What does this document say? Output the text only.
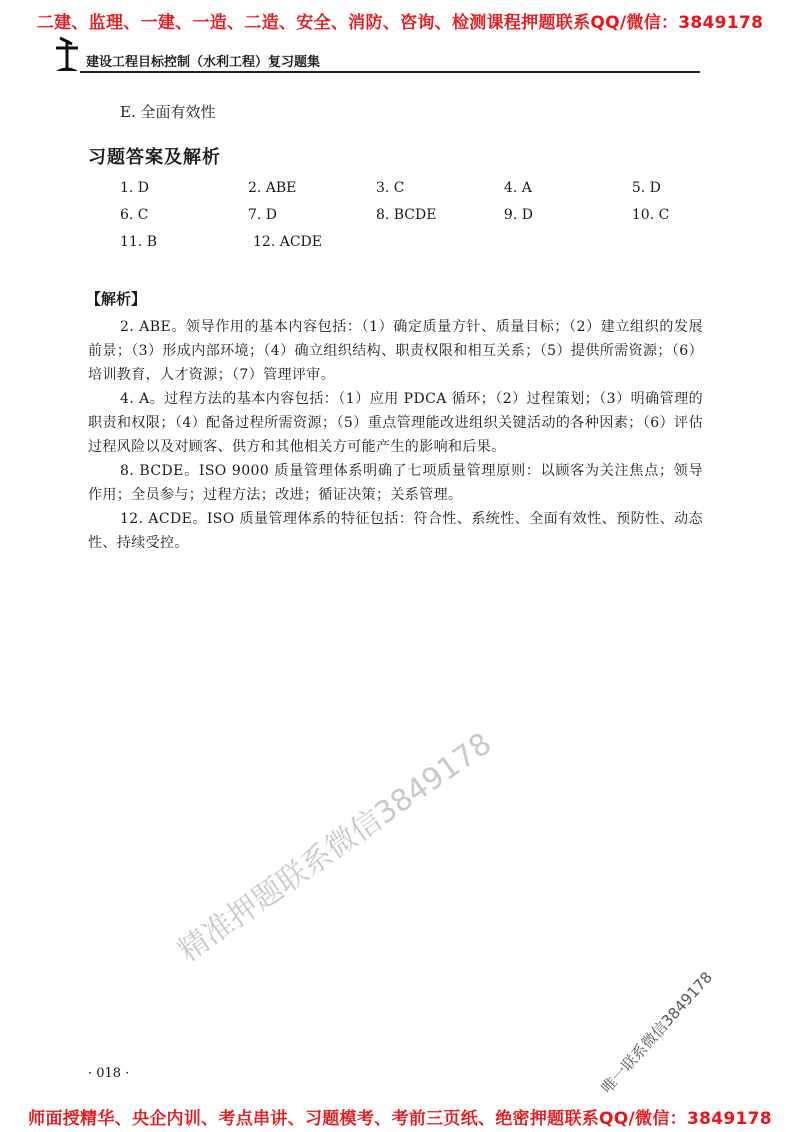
二建、监理、一建、一造、二造、安全、消防、咨询、检测课程押题联系QQ/微信：3849178
建设工程目标控制（水利工程）复习题集
E. 全面有效性
习题答案及解析
1. D	2. ABE	3. C	4. A	5. D
6. C	7. D	8. BCDE	9. D	10. C
11. B	12. ACDE
【解析】

2. ABE。领导作用的基本内容包括：（1）确定质量方针、质量目标；（2）建立组织的发展前景；（3）形成内部环境；（4）确立组织结构、职责权限和相互关系；（5）提供所需资源；（6）培训教育，人才资源；（7）管理评审。

4. A。过程方法的基本内容包括：（1）应用 PDCA 循环；（2）过程策划；（3）明确管理的职责和权限；（4）配备过程所需资源；（5）重点管理能改进组织关键活动的各种因素；（6）评估过程风险以及对顾客、供方和其他相关方可能产生的影响和后果。

8. BCDE。ISO 9000 质量管理体系明确了七项质量管理原则：以顾客为关注焦点；领导作用；全员参与；过程方法；改进；循证决策；关系管理。

12. ACDE。ISO 质量管理体系的特征包括：符合性、系统性、全面有效性、预防性、动态性、持续受控。

精准押题联系微信3849178
唯一联系微信3849178
· 018 ·
师面授精华、央企内训、考点串讲、习题模考、考前三页纸、绝密押题联系QQ/微信：3849178
